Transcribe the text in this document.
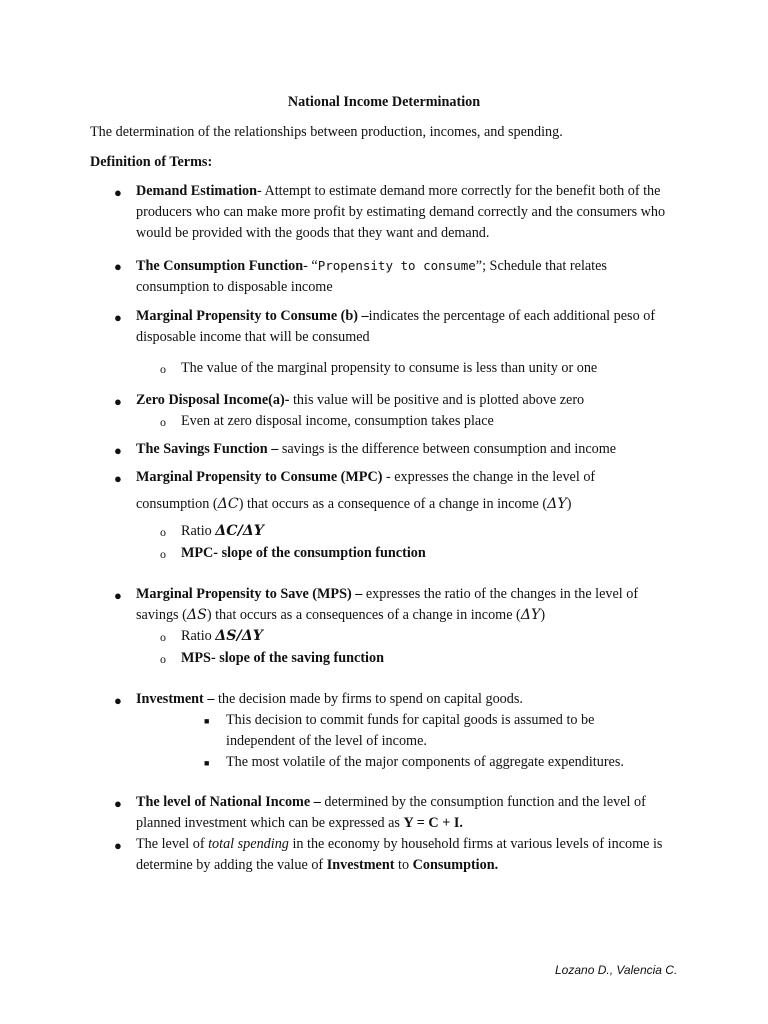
National Income Determination

The determination of the relationships between production, incomes, and spending.

Definition of Terms:

● Demand Estimation- Attempt to estimate demand more correctly for the benefit both of the producers who can make more profit by estimating demand correctly and the consumers who would be provided with the goods that they want and demand.
● The Consumption Function- “Propensity to consume”; Schedule that relates consumption to disposable income
● Marginal Propensity to Consume (b) –indicates the percentage of each additional peso of disposable income that will be consumed
o The value of the marginal propensity to consume is less than unity or one
● Zero Disposal Income(a)- this value will be positive and is plotted above zero
o Even at zero disposal income, consumption takes place
● The Savings Function – savings is the difference between consumption and income
● Marginal Propensity to Consume (MPC) - expresses the change in the level of
consumption (ΔC) that occurs as a consequence of a change in income (ΔY)
o Ratio ΔC/ΔY
o MPC- slope of the consumption function
● Marginal Propensity to Save (MPS) – expresses the ratio of the changes in the level of
savings (ΔS) that occurs as a consequences of a change in income (ΔY)
o Ratio ΔS/ΔY
o MPS- slope of the saving function
● Investment – the decision made by firms to spend on capital goods.
■ This decision to commit funds for capital goods is assumed to be independent of the level of income.
■ The most volatile of the major components of aggregate expenditures.
● The level of National Income – determined by the consumption function and the level of planned investment which can be expressed as Y = C + I.
● The level of total spending in the economy by household firms at various levels of income is determine by adding the value of Investment to Consumption.
Lozano D., Valencia C.
